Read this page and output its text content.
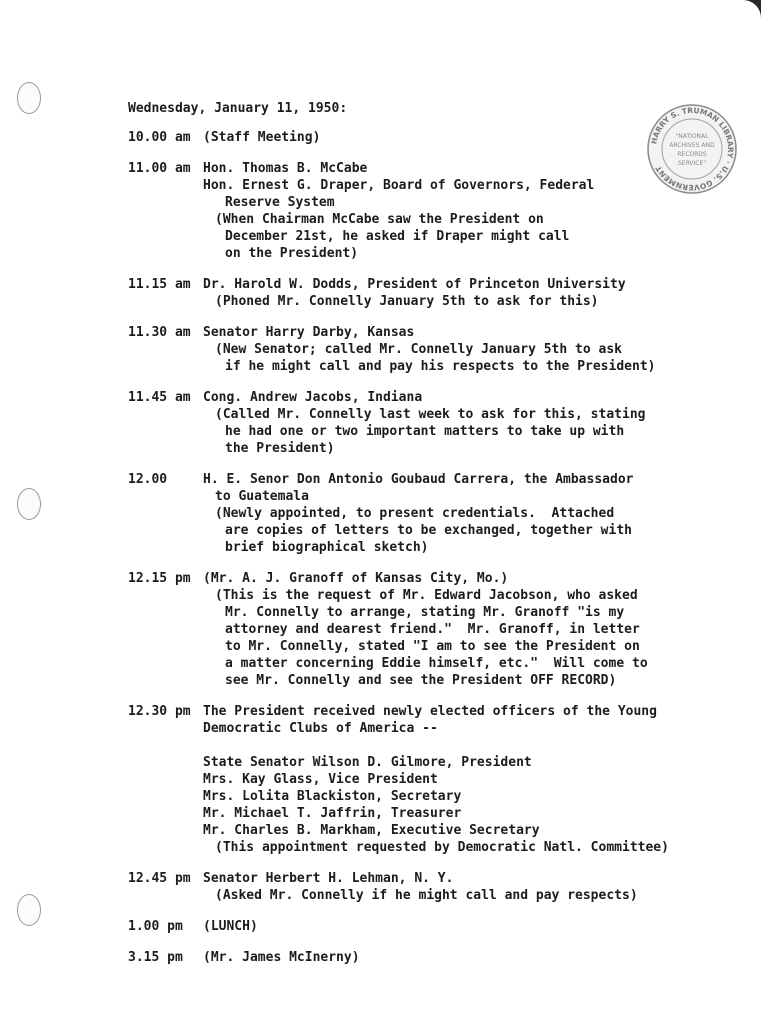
HARRY S. TRUMAN LIBRARY · U.S. GOVERNMENT
"NATIONAL
ARCHIVES AND
RECORDS
SERVICE"
Wednesday, January 11, 1950:
10.00 am (Staff Meeting)
11.00 am Hon. Thomas B. McCabe
Hon. Ernest G. Draper, Board of Governors, Federal
Reserve System
(When Chairman McCabe saw the President on
December 21st, he asked if Draper might call
on the President)
11.15 am Dr. Harold W. Dodds, President of Princeton University
(Phoned Mr. Connelly January 5th to ask for this)
11.30 am Senator Harry Darby, Kansas
(New Senator; called Mr. Connelly January 5th to ask
if he might call and pay his respects to the President)
11.45 am Cong. Andrew Jacobs, Indiana
(Called Mr. Connelly last week to ask for this, stating
he had one or two important matters to take up with
the President)
12.00	H. E. Senor Don Antonio Goubaud Carrera, the Ambassador
to Guatemala
(Newly appointed, to present credentials.  Attached
are copies of letters to be exchanged, together with
brief biographical sketch)
12.15 pm (Mr. A. J. Granoff of Kansas City, Mo.)
(This is the request of Mr. Edward Jacobson, who asked
Mr. Connelly to arrange, stating Mr. Granoff "is my
attorney and dearest friend."  Mr. Granoff, in letter
to Mr. Connelly, stated "I am to see the President on
a matter concerning Eddie himself, etc."  Will come to
see Mr. Connelly and see the President OFF RECORD)
12.30 pm The President received newly elected officers of the Young
Democratic Clubs of America --
State Senator Wilson D. Gilmore, President
Mrs. Kay Glass, Vice President
Mrs. Lolita Blackiston, Secretary
Mr. Michael T. Jaffrin, Treasurer
Mr. Charles B. Markham, Executive Secretary
(This appointment requested by Democratic Natl. Committee)
12.45 pm Senator Herbert H. Lehman, N. Y.
(Asked Mr. Connelly if he might call and pay respects)
1.00 pm	(LUNCH)
3.15 pm	(Mr. James McInerny)
